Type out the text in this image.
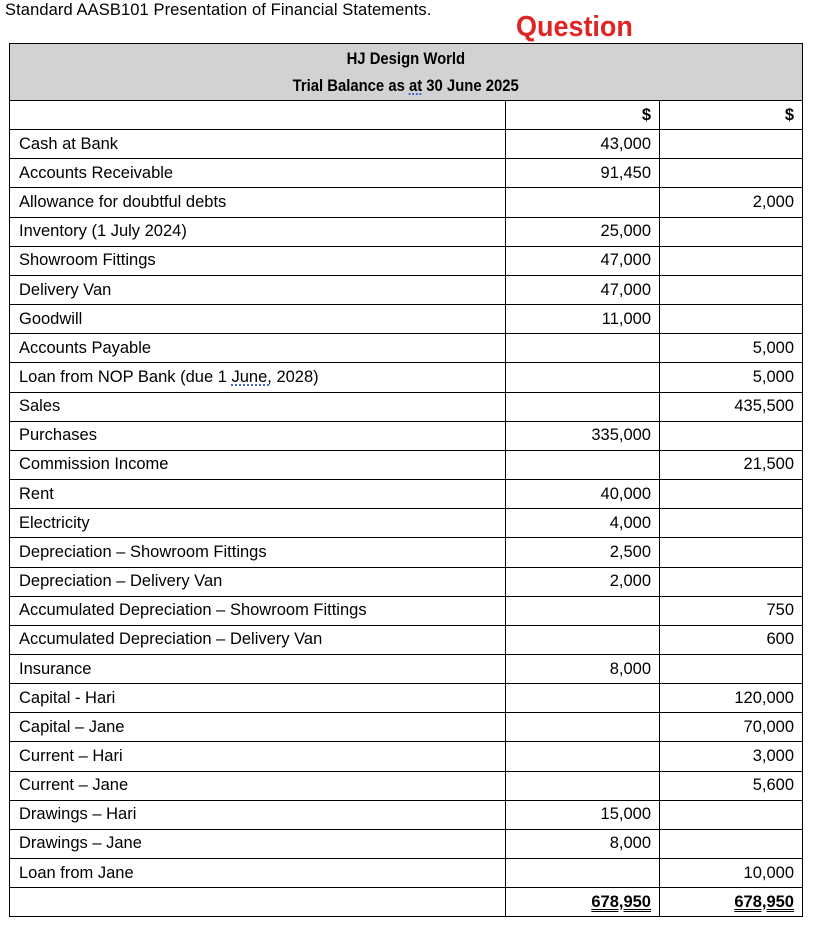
Standard AASB101 Presentation of Financial Statements.
Question
HJ Design World
Trial Balance as at 30 June 2025		
	$	$
Cash at Bank	43,000	
Accounts Receivable	91,450	
Allowance for doubtful debts		2,000
Inventory (1 July 2024)	25,000	
Showroom Fittings	47,000	
Delivery Van	47,000	
Goodwill	11,000	
Accounts Payable		5,000
Loan from NOP Bank (due 1 June, 2028)		5,000
Sales		435,500
Purchases	335,000	
Commission Income		21,500
Rent	40,000	
Electricity	4,000	
Depreciation – Showroom Fittings	2,500	
Depreciation – Delivery Van	2,000	
Accumulated Depreciation – Showroom Fittings		750
Accumulated Depreciation – Delivery Van		600
Insurance	8,000	
Capital - Hari		120,000
Capital – Jane		70,000
Current – Hari		3,000
Current – Jane		5,600
Drawings – Hari	15,000	
Drawings – Jane	8,000	
Loan from Jane		10,000
	678,950	678,950
